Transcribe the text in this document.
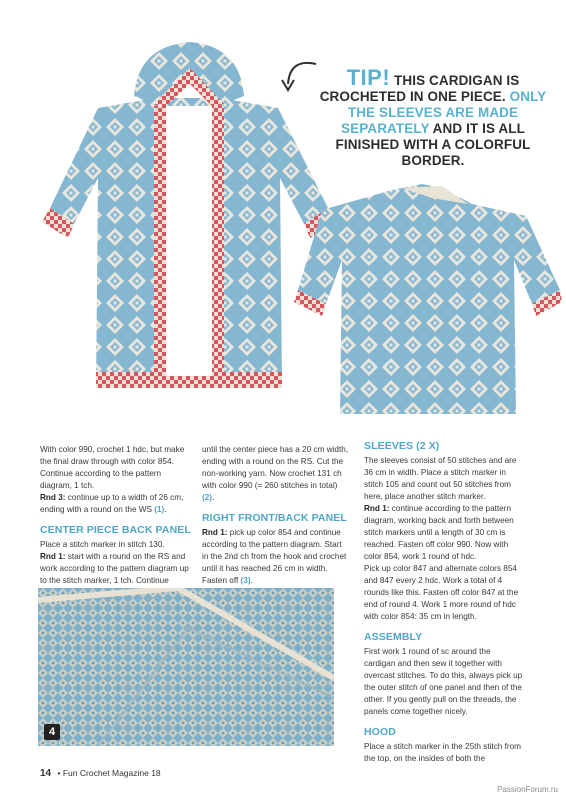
TIP! THIS CARDIGAN IS CROCHETED IN ONE PIECE. ONLY THE SLEEVES ARE MADE SEPARATELY AND IT IS ALL FINISHED WITH A COLORFUL BORDER.

With color 990, crochet 1 hdc, but make the final draw through with color 854. Continue according to the pattern diagram, 1 tch.

Rnd 3: continue up to a width of 26 cm, ending with a round on the WS (1).

CENTER PIECE BACK PANEL

Place a stitch marker in stitch 130.

Rnd 1: start with a round on the RS and work according to the pattern diagram up to the stitch marker, 1 tch. Continue

until the center piece has a 20 cm width, ending with a round on the RS. Cut the non-working yarn. Now crochet 131 ch with color 990 (= 260 stitches in total) (2).

RIGHT FRONT/BACK PANEL

Rnd 1: pick up color 854 and continue according to the pattern diagram. Start in the 2nd ch from the hook and crochet until it has reached 26 cm in width.

Fasten off (3).

SLEEVES (2 X)

The sleeves consist of 50 stitches and are 36 cm in width. Place a stitch marker in stitch 105 and count out 50 stitches from here, place another stitch marker.

Rnd 1: continue according to the pattern diagram, working back and forth between stitch markers until a length of 30 cm is reached. Fasten off color 990. Now with color 854, work 1 round of hdc.

Pick up color 847 and alternate colors 854 and 847 every 2 hdc. Work a total of 4 rounds like this. Fasten off color 847 at the end of round 4. Work 1 more round of hdc with color 854: 35 cm in length.

ASSEMBLY

First work 1 round of sc around the cardigan and then sew it together with overcast stitches. To do this, always pick up the outer stitch of one panel and then of the other. If you gently pull on the threads, the panels come together nicely.

HOOD

Place a stitch marker in the 25th stitch from the top, on the insides of both the

4
14 • Fun Crochet Magazine 18
PassionForum.ru
